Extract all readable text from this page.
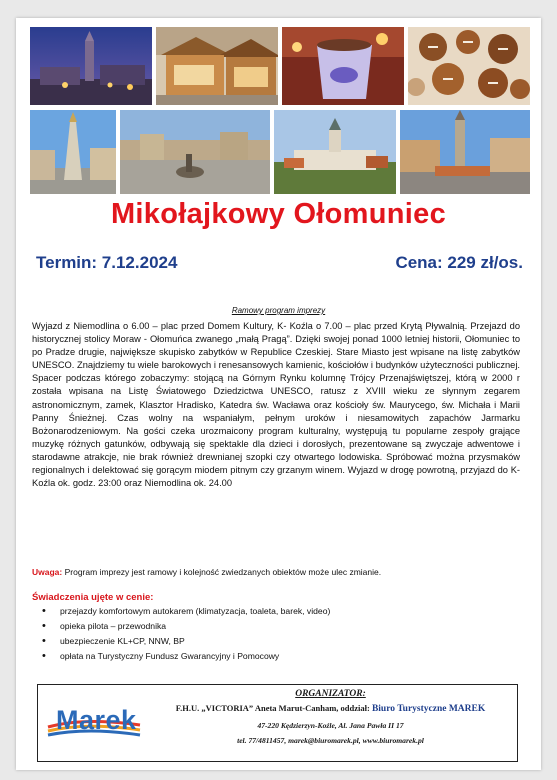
Mikołajkowy Ołomuniec
Termin: 7.12.2024	Cena: 229 zł/os.
Ramowy program imprezy
Wyjazd z Niemodlina o 6.00 – plac przed Domem Kultury, K- Koźla o 7.00 – plac przed Krytą Pływalnią. Przejazd do historycznej stolicy Moraw - Ołomuńca zwanego „małą Pragą”. Dzięki swojej ponad 1000 letniej historii, Ołomuniec to po Pradze drugie, największe skupisko zabytków w Republice Czeskiej. Stare Miasto jest wpisane na listę zabytków UNESCO. Znajdziemy tu wiele barokowych i renesansowych kamienic, kościołów i budynków użyteczności publicznej. Spacer podczas którego zobaczymy: stojącą na Górnym Rynku kolumnę Trójcy Przenajświętszej, którą w 2000 r została wpisana na Listę Światowego Dziedzictwa UNESCO, ratusz z XVIII wieku ze słynnym zegarem astronomicznym, zamek, Klasztor Hradisko, Katedra św. Wacława oraz kościoły św. Maurycego, św. Michała i Marii Panny Śnieżnej. Czas wolny na wspaniałym, pełnym uroków i niesamowitych zapachów Jarmarku Bożonarodzeniowym. Na gości czeka urozmaicony program kulturalny, występują tu popularne zespoły grające muzykę różnych gatunków, odbywają się spektakle dla dzieci i dorosłych, prezentowane są zwyczaje adwentowe i starodawne atrakcje, nie brak również drewnianej szopki czy otwartego lodowiska. Spróbować można przysmaków regionalnych i delektować się gorącym miodem pitnym czy grzanym winem. Wyjazd w drogę powrotną, przyjazd do K-Koźla ok. godz. 23:00 oraz Niemodlina ok. 24.00
Uwaga: Program imprezy jest ramowy i kolejność zwiedzanych obiektów może ulec zmianie.
Świadczenia ujęte w cenie:
• przejazdy komfortowym autokarem (klimatyzacja, toaleta, barek, video)
• opieka pilota – przewodnika
• ubezpieczenie KL+CP, NNW, BP
• opłata na Turystyczny Fundusz Gwarancyjny i Pomocowy
Marek
ORGANIZATOR:
F.H.U. „VICTORIA” Aneta Marut-Canham, oddział: Biuro Turystyczne MAREK
47-220 Kędzierzyn-Koźle, Al. Jana Pawła II 17
tel. 77/4811457, marek@biuromarek.pl, www.biuromarek.pl
